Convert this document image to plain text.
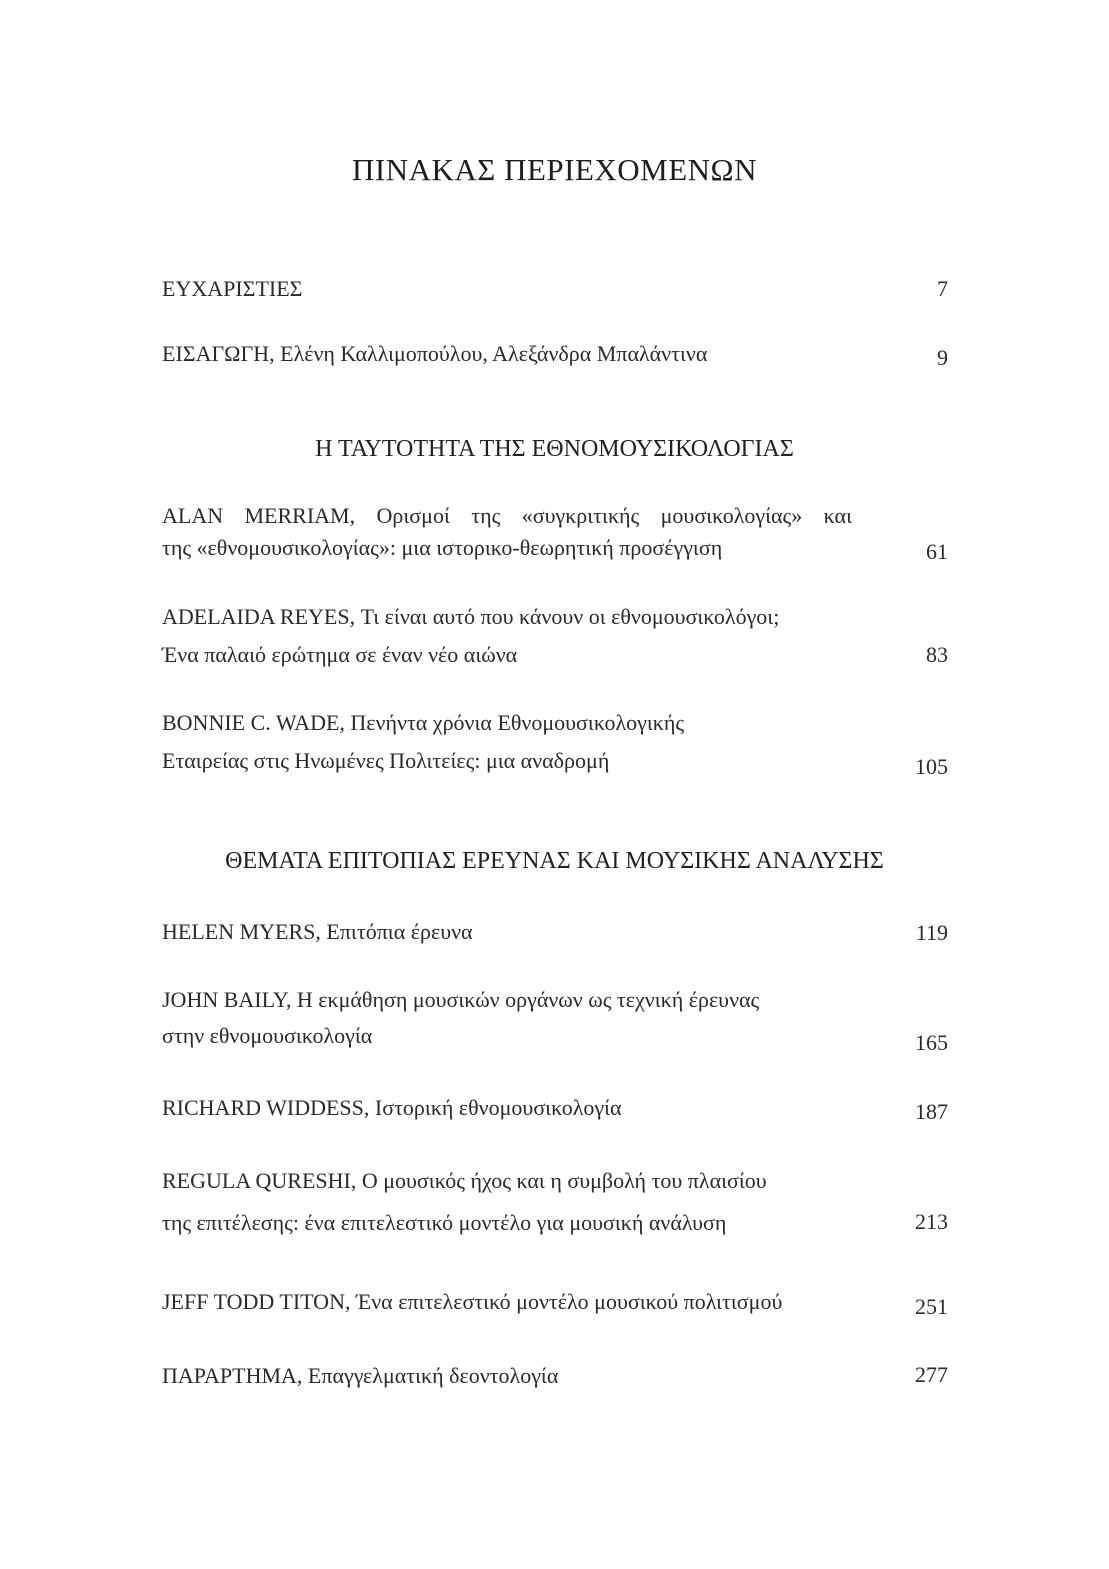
ΠΙΝΑΚΑΣ ΠΕΡΙΕΧΟΜΕΝΩΝ
ΕΥΧΑΡΙΣΤΙΕΣ	7
ΕΙΣΑΓΩΓΗ, Ελένη Καλλιμοπούλου, Αλεξάνδρα Μπαλάντινα	9
Η ΤΑΥΤΟΤΗΤΑ ΤΗΣ ΕΘΝΟΜΟΥΣΙΚΟΛΟΓΙΑΣ
ALAN MERRIAM, Ορισμοί της «συγκριτικής μουσικολογίας» και
της «εθνομουσικολογίας»: μια ιστορικο-θεωρητική προσέγγιση	61
ADELAIDA REYES, Τι είναι αυτό που κάνουν οι εθνομουσικολόγοι;
Ένα παλαιό ερώτημα σε έναν νέο αιώνα	83
BONNIE C. WADE, Πενήντα χρόνια Εθνομουσικολογικής
Εταιρείας στις Ηνωμένες Πολιτείες: μια αναδρομή	105
ΘΕΜΑΤΑ ΕΠΙΤΟΠΙΑΣ ΕΡΕΥΝΑΣ ΚΑΙ ΜΟΥΣΙΚΗΣ ΑΝΑΛΥΣΗΣ
HELEN MYERS, Επιτόπια έρευνα	119
JOHN BAILY, Η εκμάθηση μουσικών οργάνων ως τεχνική έρευνας
στην εθνομουσικολογία	165
RICHARD WIDDESS, Ιστορική εθνομουσικολογία	187
REGULA QURESHI, Ο μουσικός ήχος και η συμβολή του πλαισίου
της επιτέλεσης: ένα επιτελεστικό μοντέλο για μουσική ανάλυση	213
JEFF TODD TITON, Ένα επιτελεστικό μοντέλο μουσικού πολιτισμού	251
ΠΑΡΑΡΤΗΜΑ, Επαγγελματική δεοντολογία	277
